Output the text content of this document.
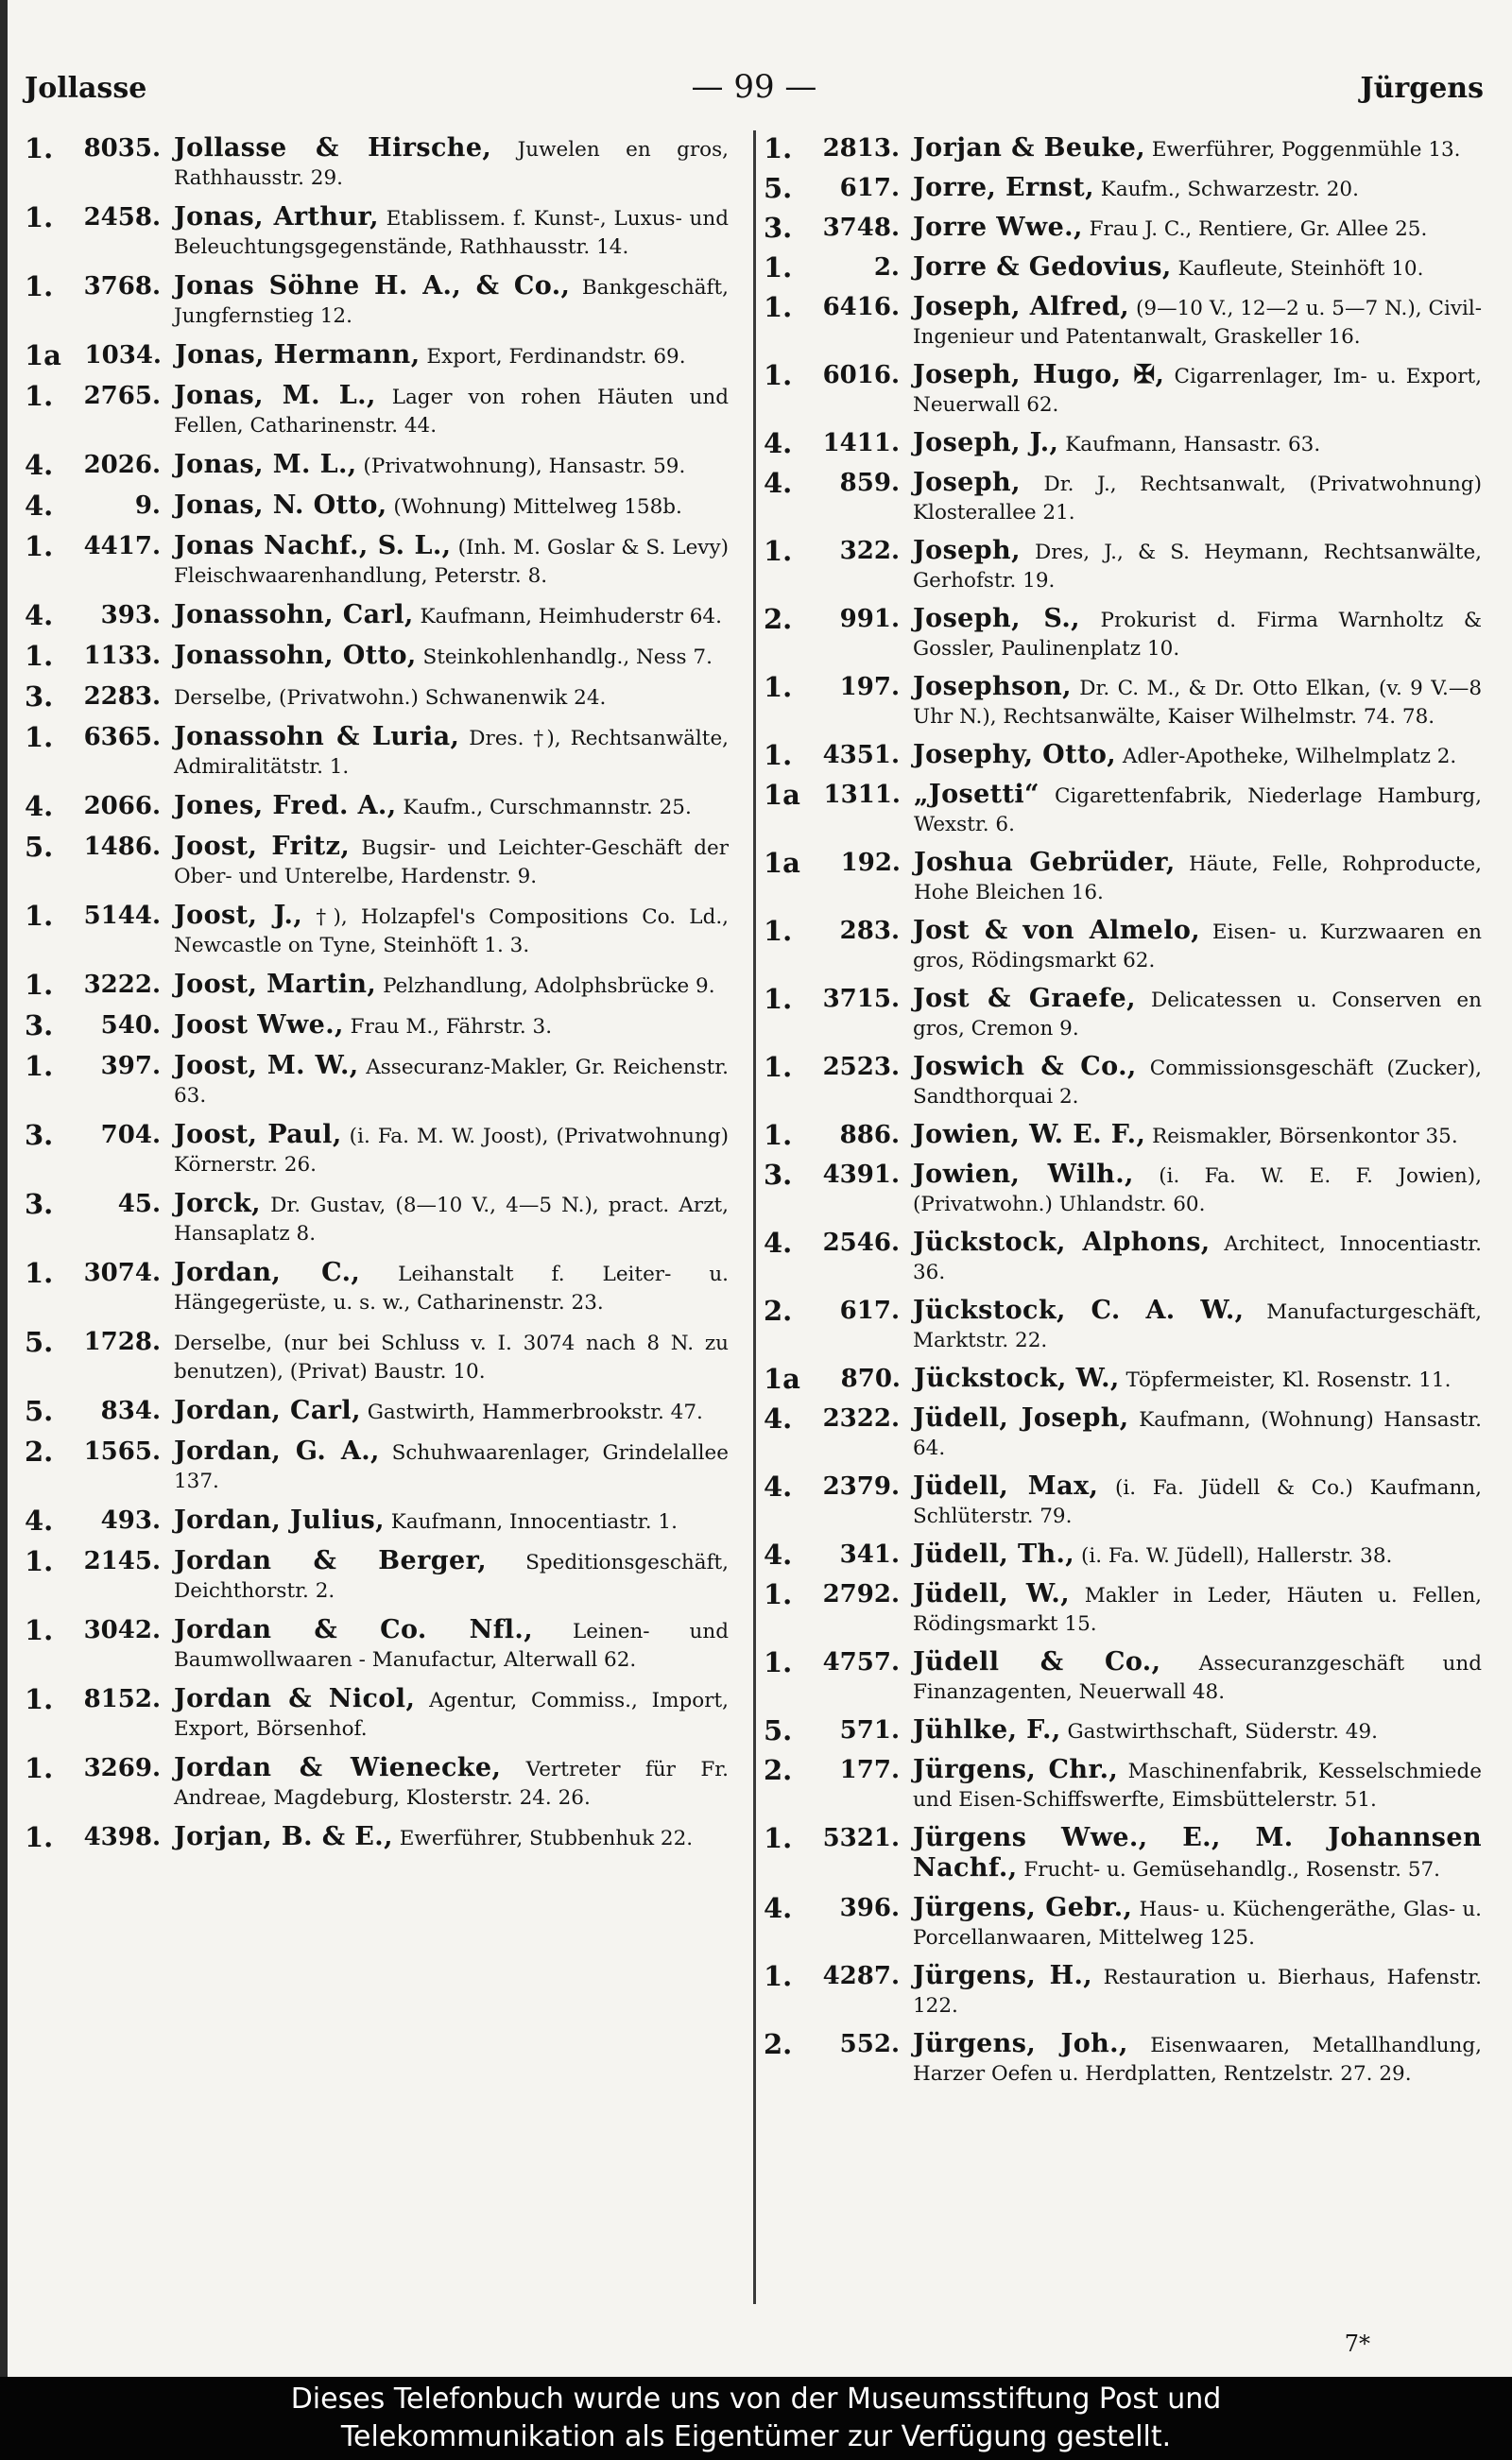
Jollasse	— 99 —	Jürgens
1.	8035. Jollasse & Hirsche, Juwelen en gros, Rathhausstr. 29.
1.	2458. Jonas, Arthur, Etablissem. f. Kunst-, Luxus- und Beleuchtungsgegenstände, Rathhausstr. 14.
1.	3768. Jonas Söhne H. A., & Co., Bankgeschäft, Jungfernstieg 12.
1a 1034. Jonas, Hermann, Export, Ferdinandstr. 69.
1.	2765. Jonas, M. L., Lager von rohen Häuten und Fellen, Catharinenstr. 44.
4.	2026. Jonas, M. L., (Privatwohnung), Hansastr. 59.
4.	9. Jonas, N. Otto, (Wohnung) Mittelweg 158b.
1.	4417. Jonas Nachf., S. L., (Inh. M. Goslar & S. Levy) Fleischwaarenhandlung, Peterstr. 8.
4.	393. Jonassohn, Carl, Kaufmann, Heimhuderstr 64.
1.	1133. Jonassohn, Otto, Steinkohlenhandlg., Ness 7.
3.	2283. Derselbe, (Privatwohn.) Schwanenwik 24.
1.	6365. Jonassohn & Luria, Dres. †), Rechtsanwälte, Admiralitätstr. 1.
4.	2066. Jones, Fred. A., Kaufm., Curschmannstr. 25.
5.	1486. Joost, Fritz, Bugsir- und Leichter-Geschäft der Ober- und Unterelbe, Hardenstr. 9.
1.	5144. Joost, J., †), Holzapfel's Compositions Co. Ld., Newcastle on Tyne, Steinhöft 1. 3.
1.	3222. Joost, Martin, Pelzhandlung, Adolphsbrücke 9.
3.	540. Joost Wwe., Frau M., Fährstr. 3.
1.	397. Joost, M. W., Assecuranz-Makler, Gr. Reichenstr. 63.
3.	704. Joost, Paul, (i. Fa. M. W. Joost), (Privatwohnung) Körnerstr. 26.
3.	45. Jorck, Dr. Gustav, (8—10 V., 4—5 N.), pract. Arzt, Hansaplatz 8.
1.	3074. Jordan, C., Leihanstalt f. Leiter- u. Hängegerüste, u. s. w., Catharinenstr. 23.
5.	1728. Derselbe, (nur bei Schluss v. I. 3074 nach 8 N. zu benutzen), (Privat) Baustr. 10.
5.	834. Jordan, Carl, Gastwirth, Hammerbrookstr. 47.
2.	1565. Jordan, G. A., Schuhwaarenlager, Grindelallee 137.
4.	493. Jordan, Julius, Kaufmann, Innocentiastr. 1.
1.	2145. Jordan & Berger, Speditionsgeschäft, Deichthorstr. 2.
1.	3042. Jordan & Co. Nfl., Leinen- und Baumwollwaaren - Manufactur, Alterwall 62.
1.	8152. Jordan & Nicol, Agentur, Commiss., Import, Export, Börsenhof.
1.	3269. Jordan & Wienecke, Vertreter für Fr. Andreae, Magdeburg, Klosterstr. 24. 26.
1.	4398. Jorjan, B. & E., Ewerführer, Stubbenhuk 22.
1.	2813. Jorjan & Beuke, Ewerführer, Poggenmühle 13.
5.	617. Jorre, Ernst, Kaufm., Schwarzestr. 20.
3.	3748. Jorre Wwe., Frau J. C., Rentiere, Gr. Allee 25.
1.	2. Jorre & Gedovius, Kaufleute, Steinhöft 10.
1.	6416. Joseph, Alfred, (9—10 V., 12—2 u. 5—7 N.), Civil-Ingenieur und Patentanwalt, Graskeller 16.
1.	6016. Joseph, Hugo, ✠, Cigarrenlager, Im- u. Export, Neuerwall 62.
4.	1411. Joseph, J., Kaufmann, Hansastr. 63.
4.	859. Joseph, Dr. J., Rechtsanwalt, (Privatwohnung) Klosterallee 21.
1.	322. Joseph, Dres, J., & S. Heymann, Rechtsanwälte, Gerhofstr. 19.
2.	991. Joseph, S., Prokurist d. Firma Warnholtz & Gossler, Paulinenplatz 10.
1.	197. Josephson, Dr. C. M., & Dr. Otto Elkan, (v. 9 V.—8 Uhr N.), Rechtsanwälte, Kaiser Wilhelmstr. 74. 78.
1.	4351. Josephy, Otto, Adler-Apotheke, Wilhelmplatz 2.
1a 1311. „Josetti“ Cigarettenfabrik, Niederlage Hamburg, Wexstr. 6.
1a	192. Joshua Gebrüder, Häute, Felle, Rohproducte, Hohe Bleichen 16.
1.	283. Jost & von Almelo, Eisen- u. Kurzwaaren en gros, Rödingsmarkt 62.
1.	3715. Jost & Graefe, Delicatessen u. Conserven en gros, Cremon 9.
1.	2523. Joswich & Co., Commissionsgeschäft (Zucker), Sandthorquai 2.
1.	886. Jowien, W. E. F., Reismakler, Börsenkontor 35.
3.	4391. Jowien, Wilh., (i. Fa. W. E. F. Jowien), (Privatwohn.) Uhlandstr. 60.
4.	2546. Jückstock, Alphons, Architect, Innocentiastr. 36.
2.	617. Jückstock, C. A. W., Manufacturgeschäft, Marktstr. 22.
1a	870. Jückstock, W., Töpfermeister, Kl. Rosenstr. 11.
4.	2322. Jüdell, Joseph, Kaufmann, (Wohnung) Hansastr. 64.
4.	2379. Jüdell, Max, (i. Fa. Jüdell & Co.) Kaufmann, Schlüterstr. 79.
4.	341. Jüdell, Th., (i. Fa. W. Jüdell), Hallerstr. 38.
1.	2792. Jüdell, W., Makler in Leder, Häuten u. Fellen, Rödingsmarkt 15.
1.	4757. Jüdell & Co., Assecuranzgeschäft und Finanzagenten, Neuerwall 48.
5.	571. Jühlke, F., Gastwirthschaft, Süderstr. 49.
2.	177. Jürgens, Chr., Maschinenfabrik, Kesselschmiede und Eisen-Schiffswerfte, Eimsbüttelerstr. 51.
1.	5321. Jürgens Wwe., E., M. Johannsen Nachf., Frucht- u. Gemüsehandlg., Rosenstr. 57.
4.	396. Jürgens, Gebr., Haus- u. Küchengeräthe, Glas- u. Porcellanwaaren, Mittelweg 125.
1.	4287. Jürgens, H., Restauration u. Bierhaus, Hafenstr. 122.
2.	552. Jürgens, Joh., Eisenwaaren, Metallhandlung, Harzer Oefen u. Herdplatten, Rentzelstr. 27. 29.
7*
Dieses Telefonbuch wurde uns von der Museumsstiftung Post und
Telekommunikation als Eigentümer zur Verfügung gestellt.
